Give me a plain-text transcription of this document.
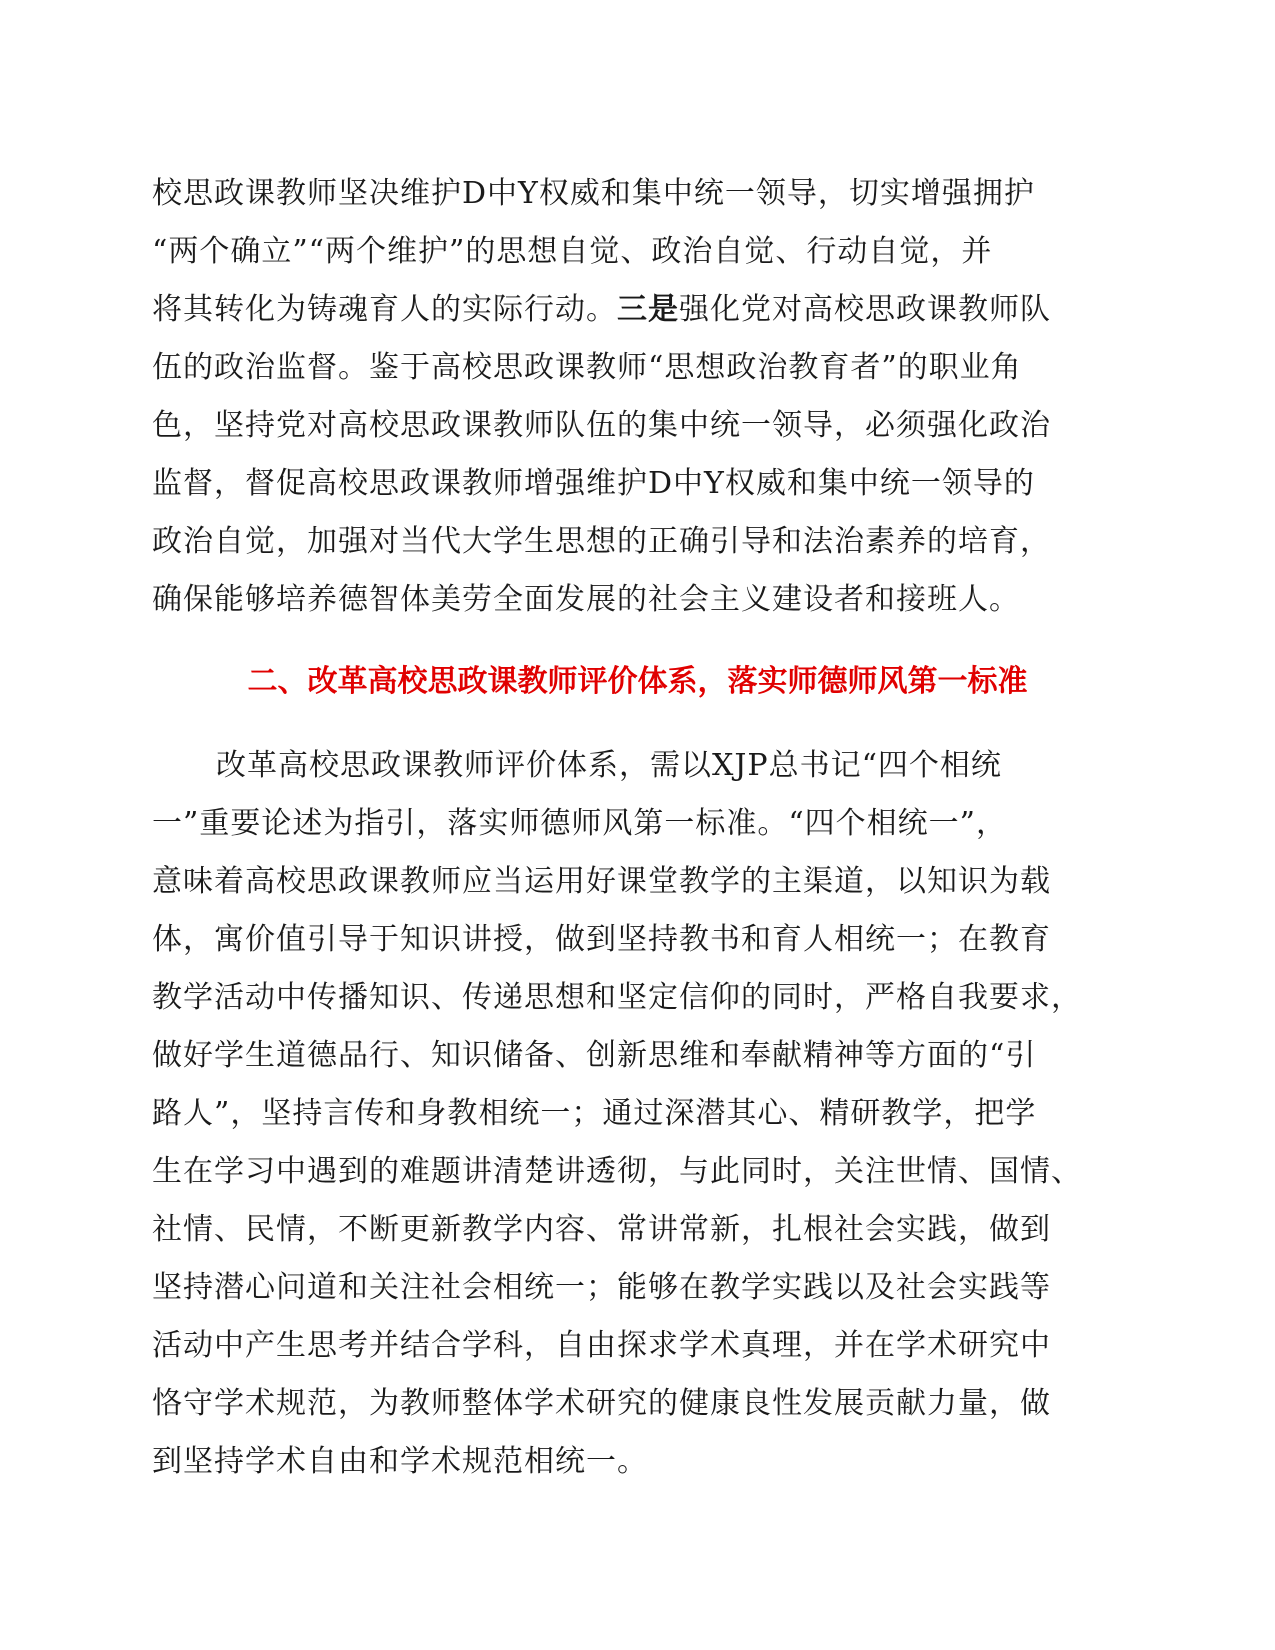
校思政课教师坚决维护D中Y权威和集中统一领导，切实增强拥护
“两个确立”“两个维护”的思想自觉、政治自觉、行动自觉，并
将其转化为铸魂育人的实际行动。三是强化党对高校思政课教师队
伍的政治监督。鉴于高校思政课教师“思想政治教育者”的职业角
色，坚持党对高校思政课教师队伍的集中统一领导，必须强化政治
监督，督促高校思政课教师增强维护D中Y权威和集中统一领导的
政治自觉，加强对当代大学生思想的正确引导和法治素养的培育，
确保能够培养德智体美劳全面发展的社会主义建设者和接班人。
二、改革高校思政课教师评价体系，落实师德师风第一标准
改革高校思政课教师评价体系，需以XJP总书记“四个相统
一”重要论述为指引，落实师德师风第一标准。“四个相统一”，
意味着高校思政课教师应当运用好课堂教学的主渠道，以知识为载
体，寓价值引导于知识讲授，做到坚持教书和育人相统一；在教育
教学活动中传播知识、传递思想和坚定信仰的同时，严格自我要求，
做好学生道德品行、知识储备、创新思维和奉献精神等方面的“引
路人”，坚持言传和身教相统一；通过深潜其心、精研教学，把学
生在学习中遇到的难题讲清楚讲透彻，与此同时，关注世情、国情、
社情、民情，不断更新教学内容、常讲常新，扎根社会实践，做到
坚持潜心问道和关注社会相统一；能够在教学实践以及社会实践等
活动中产生思考并结合学科，自由探求学术真理，并在学术研究中
恪守学术规范，为教师整体学术研究的健康良性发展贡献力量，做
到坚持学术自由和学术规范相统一。
